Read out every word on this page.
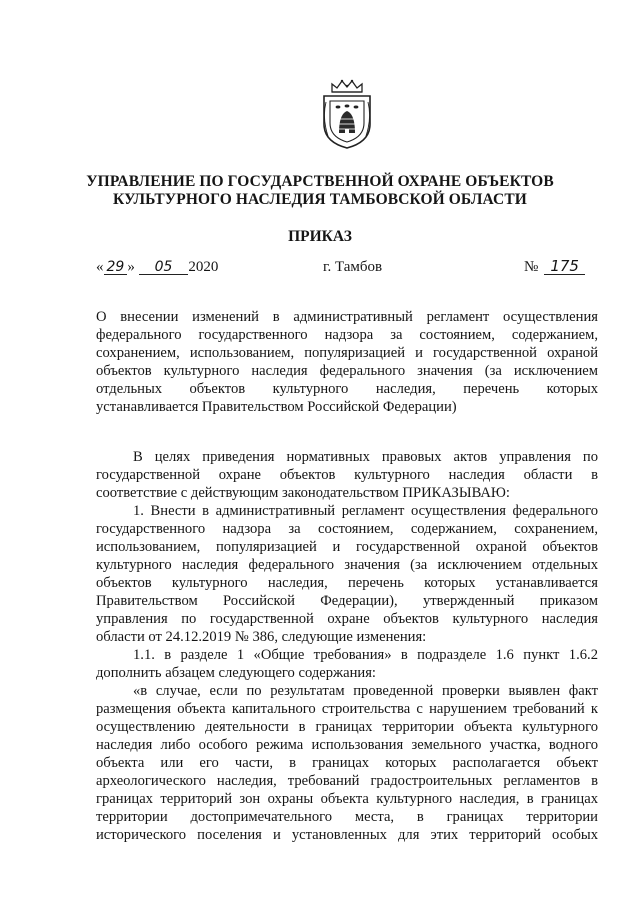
УПРАВЛЕНИЕ ПО ГОСУДАРСТВЕННОЙ ОХРАНЕ ОБЪЕКТОВ
КУЛЬТУРНОГО НАСЛЕДИЯ ТАМБОВСКОЙ ОБЛАСТИ
ПРИКАЗ
« 29 » 05 2020	г. Тамбов	№ 175
О внесении изменений в административный регламент осуществления
федерального государственного надзора за состоянием, содержанием,
сохранением, использованием, популяризацией и государственной охраной
объектов культурного наследия федерального значения (за исключением
отдельных объектов культурного наследия, перечень которых
устанавливается Правительством Российской Федерации)
В целях приведения нормативных правовых актов управления по
государственной охране объектов культурного наследия области в
соответствие с действующим законодательством ПРИКАЗЫВАЮ:
1. Внести в административный регламент осуществления федерального
государственного надзора за состоянием, содержанием, сохранением,
использованием, популяризацией и государственной охраной объектов
культурного наследия федерального значения (за исключением отдельных
объектов культурного наследия, перечень которых устанавливается
Правительством Российской Федерации), утвержденный приказом
управления по государственной охране объектов культурного наследия
области от 24.12.2019 № 386, следующие изменения:
1.1. в разделе 1 «Общие требования» в подразделе 1.6 пункт 1.6.2
дополнить абзацем следующего содержания:
«в случае, если по результатам проведенной проверки выявлен факт
размещения объекта капитального строительства с нарушением требований к
осуществлению деятельности в границах территории объекта культурного
наследия либо особого режима использования земельного участка, водного
объекта или его части, в границах которых располагается объект
археологического наследия, требований градостроительных регламентов в
границах территорий зон охраны объекта культурного наследия, в границах
территории достопримечательного места, в границах территории
исторического поселения и установленных для этих территорий особых
